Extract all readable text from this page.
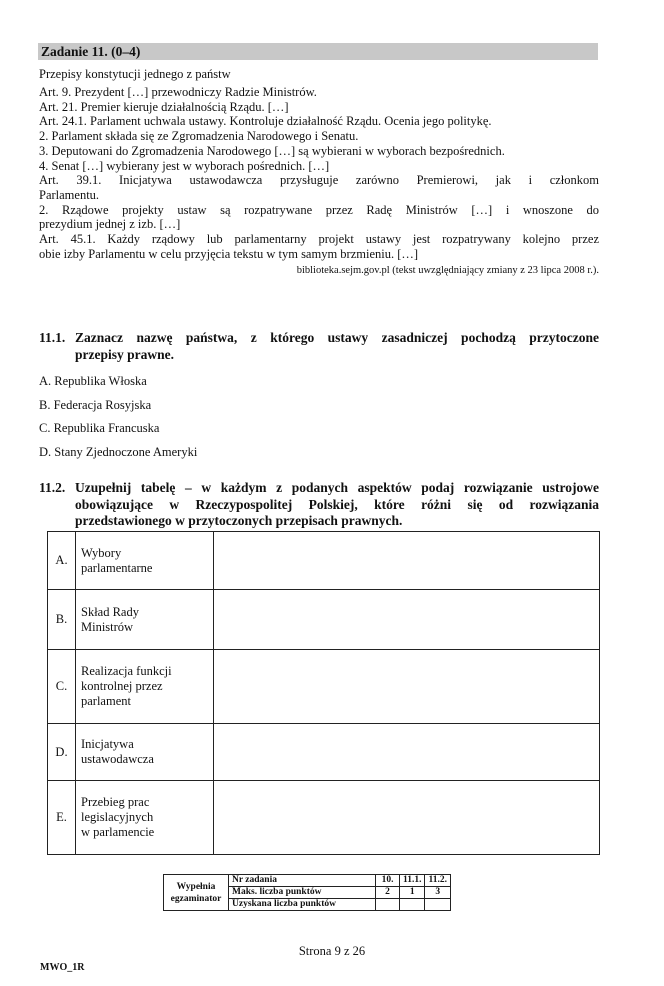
Zadanie 11. (0–4)
Przepisy konstytucji jednego z państw
Art. 9. Prezydent […] przewodniczy Radzie Ministrów.
Art. 21. Premier kieruje działalnością Rządu. […]
Art. 24.1. Parlament uchwala ustawy. Kontroluje działalność Rządu. Ocenia jego politykę.
2. Parlament składa się ze Zgromadzenia Narodowego i Senatu.
3. Deputowani do Zgromadzenia Narodowego […] są wybierani w wyborach bezpośrednich.
4. Senat […] wybierany jest w wyborach pośrednich. […]
Art. 39.1. Inicjatywa ustawodawcza przysługuje zarówno Premierowi, jak i członkom
Parlamentu.
2. Rządowe projekty ustaw są rozpatrywane przez Radę Ministrów […] i wnoszone do
prezydium jednej z izb. […]
Art. 45.1. Każdy rządowy lub parlamentarny projekt ustawy jest rozpatrywany kolejno przez
obie izby Parlamentu w celu przyjęcia tekstu w tym samym brzmieniu. […]
biblioteka.sejm.gov.pl (tekst uwzględniający zmiany z 23 lipca 2008 r.).
11.1. Zaznacz nazwę państwa, z którego ustawy zasadniczej pochodzą przytoczone
przepisy prawne.
A. Republika Włoska
B. Federacja Rosyjska
C. Republika Francuska
D. Stany Zjednoczone Ameryki
11.2. Uzupełnij tabelę – w każdym z podanych aspektów podaj rozwiązanie ustrojowe
obowiązujące w Rzeczypospolitej Polskiej, które różni się od rozwiązania
przedstawionego w przytoczonych przepisach prawnych.
A.	Wybory
parlamentarne	

B.	Skład Rady
Ministrów	

C.	Realizacja funkcji
kontrolnej przez
parlament	

D.	Inicjatywa
ustawodawcza	

E.	Przebieg prac
legislacyjnych
w parlamencie	

Wypełnia
egzaminator	Nr zadania	10.	11.1.	11.2.
	Maks. liczba punktów	2	1	3
	Uzyskana liczba punktów			
Strona 9 z 26
MWO_1R
